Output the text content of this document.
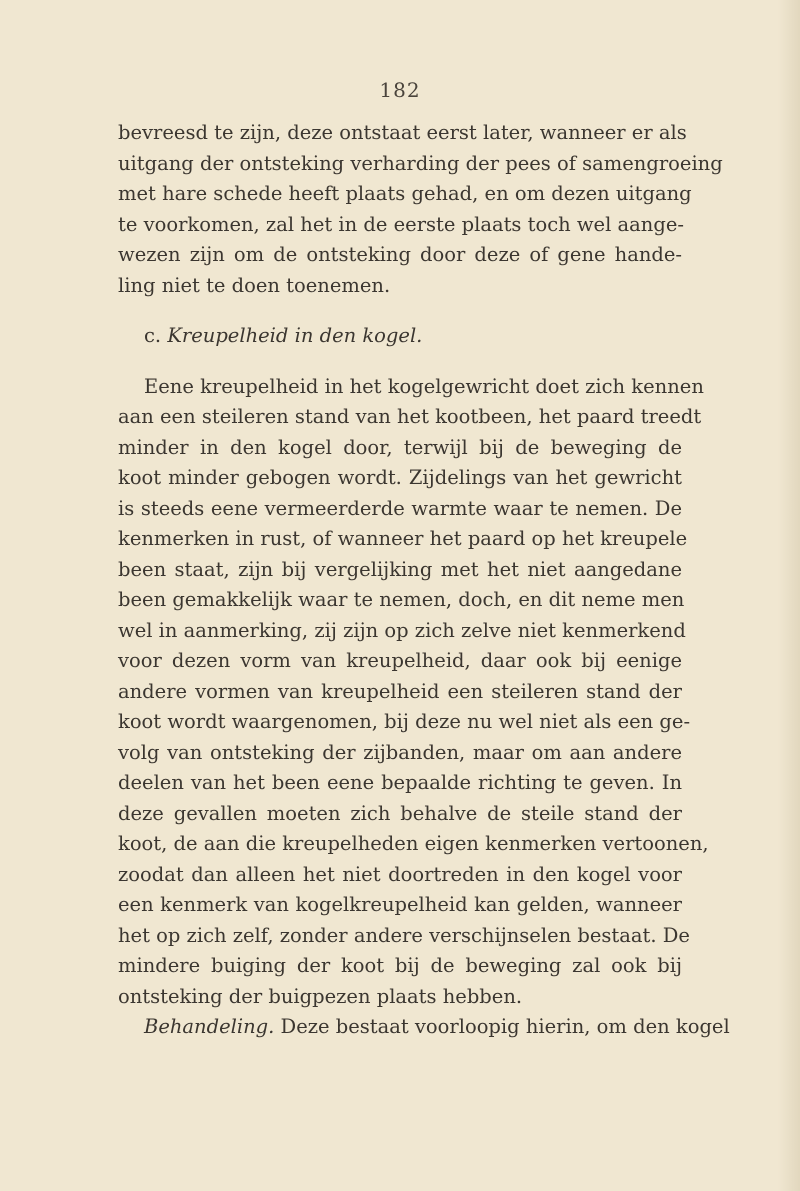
182
bevreesd te zijn, deze ontstaat eerst later, wanneer er als
uitgang der ontsteking verharding der pees of samengroeing
met hare schede heeft plaats gehad, en om dezen uitgang
te voorkomen, zal het in de eerste plaats toch wel aange-
wezen zijn om de ontsteking door deze of gene hande-
ling niet te doen toenemen.
c. Kreupelheid in den kogel.
Eene kreupelheid in het kogelgewricht doet zich kennen
aan een steileren stand van het kootbeen, het paard treedt
minder in den kogel door, terwijl bij de beweging de
koot minder gebogen wordt. Zijdelings van het gewricht
is steeds eene vermeerderde warmte waar te nemen. De
kenmerken in rust, of wanneer het paard op het kreupele
been staat, zijn bij vergelijking met het niet aangedane
been gemakkelijk waar te nemen, doch, en dit neme men
wel in aanmerking, zij zijn op zich zelve niet kenmerkend
voor dezen vorm van kreupelheid, daar ook bij eenige
andere vormen van kreupelheid een steileren stand der
koot wordt waargenomen, bij deze nu wel niet als een ge-
volg van ontsteking der zijbanden, maar om aan andere
deelen van het been eene bepaalde richting te geven. In
deze gevallen moeten zich behalve de steile stand der
koot, de aan die kreupelheden eigen kenmerken vertoonen,
zoodat dan alleen het niet doortreden in den kogel voor
een kenmerk van kogelkreupelheid kan gelden, wanneer
het op zich zelf, zonder andere verschijnselen bestaat. De
mindere buiging der koot bij de beweging zal ook bij
ontsteking der buigpezen plaats hebben.
Behandeling. Deze bestaat voorloopig hierin, om den kogel
